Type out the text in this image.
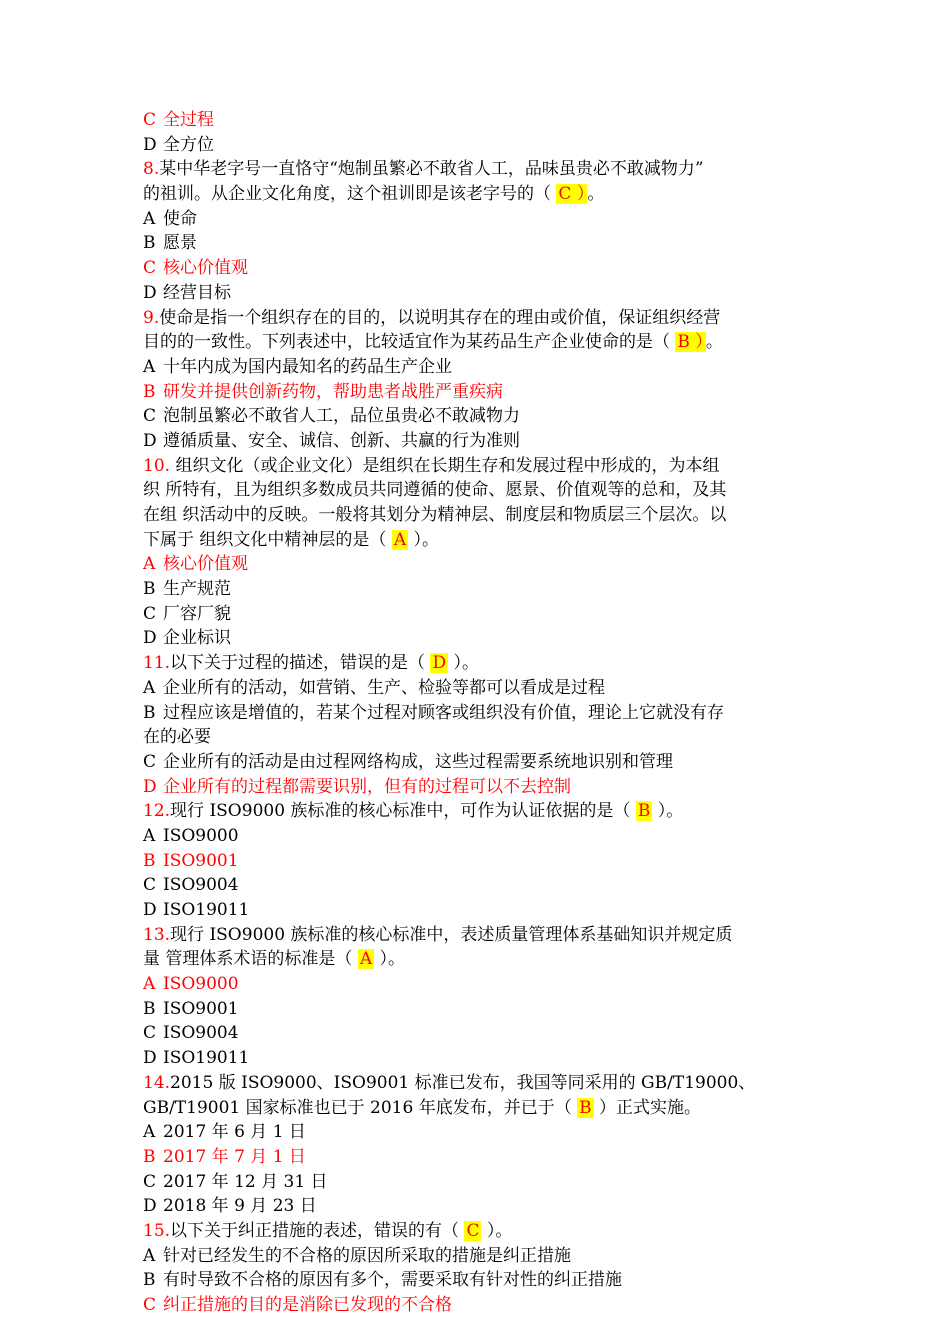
C 全过程
D 全方位
8.某中华老字号一直恪守“炮制虽繁必不敢省人工，品味虽贵必不敢减物力”
的祖训。从企业文化角度，这个祖训即是该老字号的（ C ） 。
A 使命
B 愿景
C 核心价值观
D 经营目标
9.使命是指一个组织存在的目的，以说明其存在的理由或价值，保证组织经营
目的的一致性。下列表述中，比较适宜作为某药品生产企业使命的是（ B ） 。
A 十年内成为国内最知名的药品生产企业
B 研发并提供创新药物，帮助患者战胜严重疾病
C 泡制虽繁必不敢省人工，品位虽贵必不敢减物力
D 遵循质量、安全、诚信、创新、共赢的行为准则
10. 组织文化（或企业文化）是组织在长期生存和发展过程中形成的，为本组
织 所特有，且为组织多数成员共同遵循的使命、愿景、价值观等的总和，及其
在组 织活动中的反映。一般将其划分为精神层、制度层和物质层三个层次。以
下属于 组织文化中精神层的是（ A ）。
A 核心价值观
B 生产规范
C 厂容厂貌
D 企业标识
11.以下关于过程的描述，错误的是（ D ）。
A 企业所有的活动，如营销、生产、检验等都可以看成是过程
B 过程应该是增值的，若某个过程对顾客或组织没有价值，理论上它就没有存
在的必要
C 企业所有的活动是由过程网络构成，这些过程需要系统地识别和管理
D 企业所有的过程都需要识别，但有的过程可以不去控制
12.现行 ISO9000 族标准的核心标准中，可作为认证依据的是（ B ）。
A ISO9000
B ISO9001
C ISO9004
D ISO19011
13.现行 ISO9000 族标准的核心标准中，表述质量管理体系基础知识并规定质
量 管理体系术语的标准是（ A ）。
A ISO9000
B ISO9001
C ISO9004
D ISO19011
14.2015 版 ISO9000、ISO9001 标准已发布，我国等同采用的 GB/T19000、
GB/T19001 国家标准也已于 2016 年底发布，并已于（ B ）正式实施。
A 2017 年 6 月 1 日
B 2017 年 7 月 1 日
C 2017 年 12 月 31 日
D 2018 年 9 月 23 日
15.以下关于纠正措施的表述，错误的有（ C ）。
A 针对已经发生的不合格的原因所采取的措施是纠正措施
B 有时导致不合格的原因有多个，需要采取有针对性的纠正措施
C 纠正措施的目的是消除已发现的不合格
